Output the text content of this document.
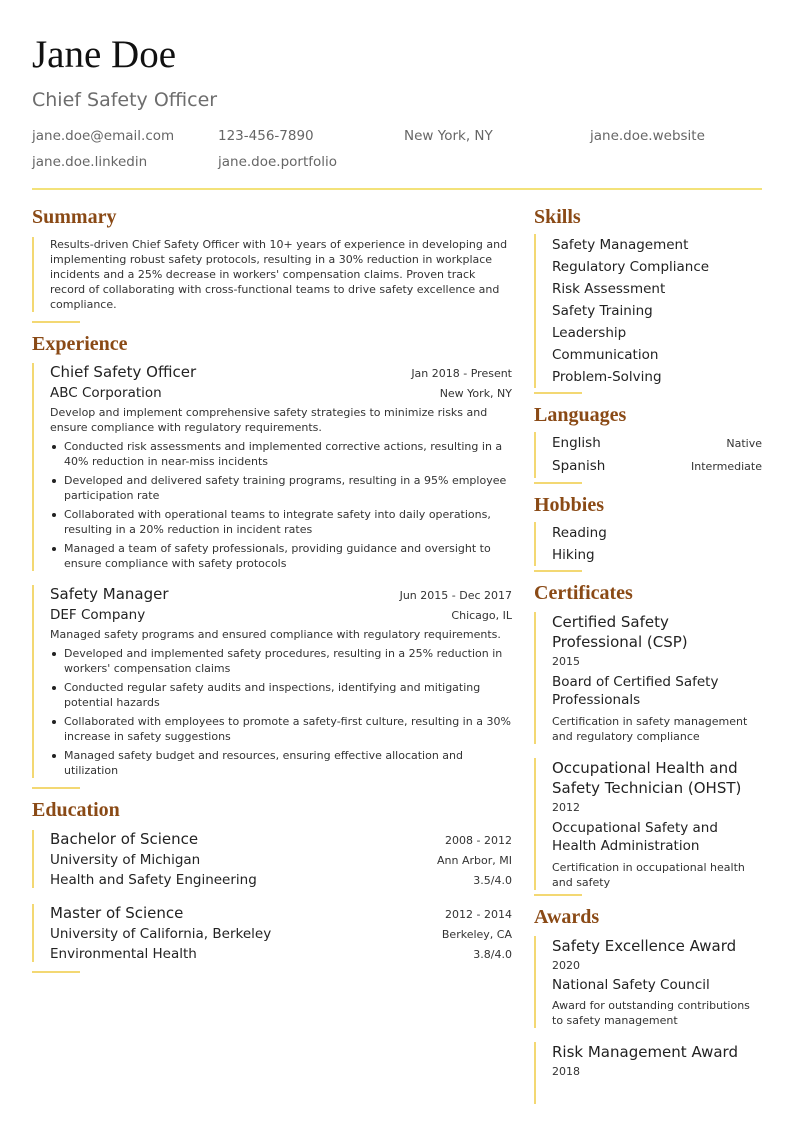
Jane Doe
Chief Safety Officer
jane.doe@email.com	123-456-7890	New York, NY	jane.doe.website
jane.doe.linkedin	jane.doe.portfolio
Summary

Results-driven Chief Safety Officer with 10+ years of experience in developing and implementing robust safety protocols, resulting in a 30% reduction in workplace incidents and a 25% decrease in workers' compensation claims. Proven track record of collaborating with cross-functional teams to drive safety excellence and compliance.

Experience
Chief Safety Officer	Jan 2018 - Present
ABC Corporation	New York, NY

Develop and implement comprehensive safety strategies to minimize risks and ensure compliance with regulatory requirements.

Conducted risk assessments and implemented corrective actions, resulting in a 40% reduction in near-miss incidents
Developed and delivered safety training programs, resulting in a 95% employee participation rate
Collaborated with operational teams to integrate safety into daily operations, resulting in a 20% reduction in incident rates
Managed a team of safety professionals, providing guidance and oversight to ensure compliance with safety protocols
Safety Manager	Jun 2015 - Dec 2017
DEF Company	Chicago, IL

Managed safety programs and ensured compliance with regulatory requirements.

Developed and implemented safety procedures, resulting in a 25% reduction in workers' compensation claims
Conducted regular safety audits and inspections, identifying and mitigating potential hazards
Collaborated with employees to promote a safety-first culture, resulting in a 30% increase in safety suggestions
Managed safety budget and resources, ensuring effective allocation and utilization
Education
Bachelor of Science	2008 - 2012
University of Michigan	Ann Arbor, MI
Health and Safety Engineering	3.5/4.0
Master of Science	2012 - 2014
University of California, Berkeley	Berkeley, CA
Environmental Health	3.8/4.0
Skills
Safety Management
Regulatory Compliance
Risk Assessment
Safety Training
Leadership
Communication
Problem-Solving
Languages
English	Native
Spanish	Intermediate
Hobbies
Reading
Hiking
Certificates
Certified Safety Professional (CSP)
2015
Board of Certified Safety Professionals
Certification in safety management and regulatory compliance
Occupational Health and Safety Technician (OHST)
2012
Occupational Safety and Health Administration
Certification in occupational health and safety
Awards
Safety Excellence Award
2020
National Safety Council
Award for outstanding contributions to safety management
Risk Management Award
2018
